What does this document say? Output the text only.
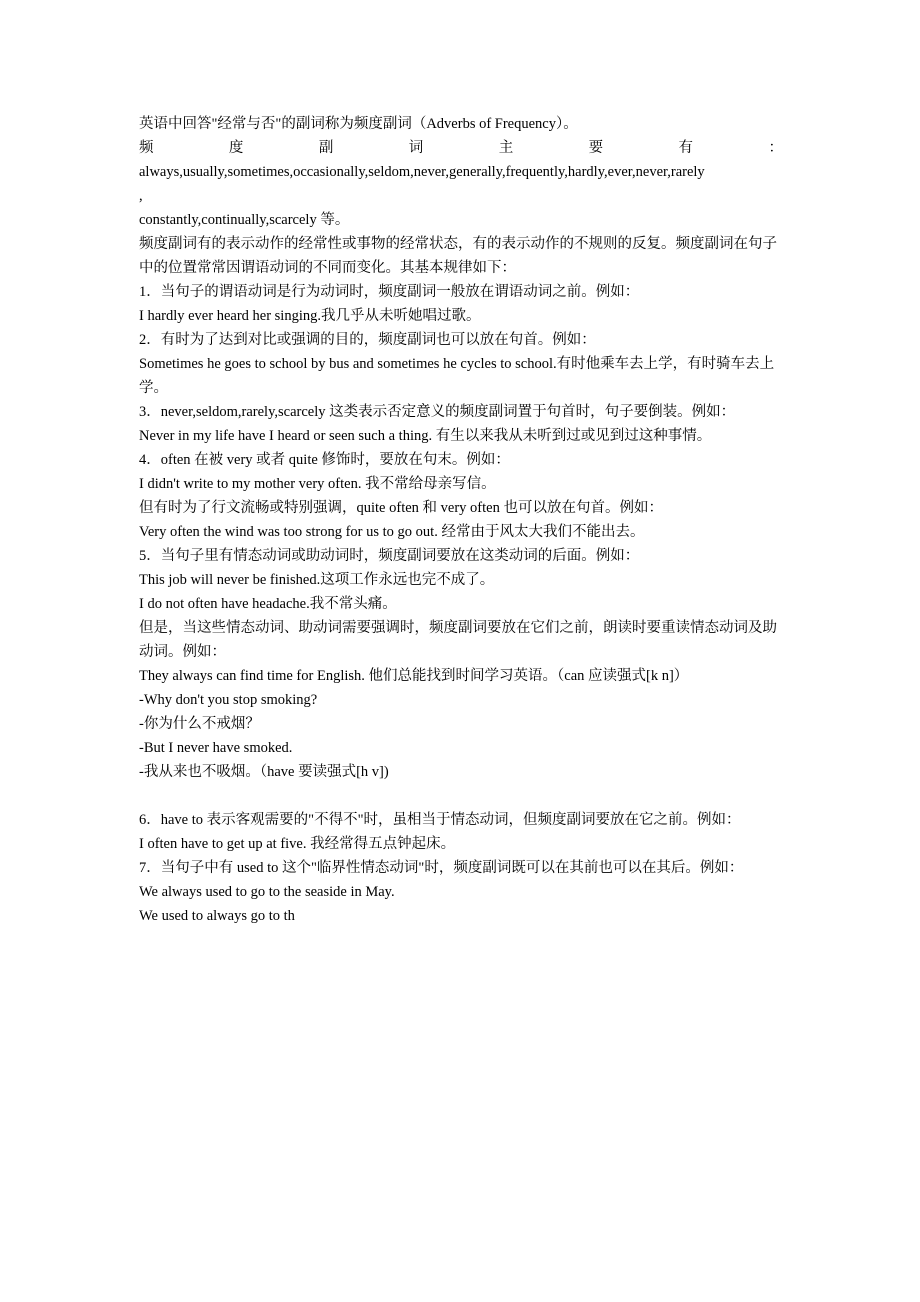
英语中回答"经常与否"的副词称为频度副词（Adverbs of Frequency）。

频	度	副	词	主	要	有	：

always,usually,sometimes,occasionally,seldom,never,generally,frequently,hardly,ever,never,rarely

,

constantly,continually,scarcely 等。

频度副词有的表示动作的经常性或事物的经常状态，有的表示动作的不规则的反复。频度副词在句子中的位置常常因谓语动词的不同而变化。其基本规律如下：

1．当句子的谓语动词是行为动词时，频度副词一般放在谓语动词之前。例如：

I hardly ever heard her singing.我几乎从未听她唱过歌。

2．有时为了达到对比或强调的目的，频度副词也可以放在句首。例如：

Sometimes he goes to school by bus and sometimes he cycles to school.有时他乘车去上学，有时骑车去上学。

3．never,seldom,rarely,scarcely 这类表示否定意义的频度副词置于句首时，句子要倒装。例如：

Never in my life have I heard or seen such a thing. 有生以来我从未听到过或见到过这种事情。

4．often 在被 very 或者 quite 修饰时，要放在句末。例如：

I didn't write to my mother very often. 我不常给母亲写信。

但有时为了行文流畅或特别强调，quite often 和 very often 也可以放在句首。例如：

Very often the wind was too strong for us to go out. 经常由于风太大我们不能出去。

5．当句子里有情态动词或助动词时，频度副词要放在这类动词的后面。例如：

This job will never be finished.这项工作永远也完不成了。

I do not often have headache.我不常头痛。

但是，当这些情态动词、助动词需要强调时，频度副词要放在它们之前，朗读时要重读情态动词及助动词。例如：

They always can find time for English. 他们总能找到时间学习英语。（can 应读强式[k n]）

-Why don't you stop smoking?

-你为什么不戒烟？

-But I never have smoked.

-我从来也不吸烟。（have 要读强式[h v])

6．have to 表示客观需要的"不得不"时，虽相当于情态动词，但频度副词要放在它之前。例如：

I often have to get up at five. 我经常得五点钟起床。

7．当句子中有 used to 这个"临界性情态动词"时，频度副词既可以在其前也可以在其后。例如：

We always used to go to the seaside in May.

We used to always go to th
